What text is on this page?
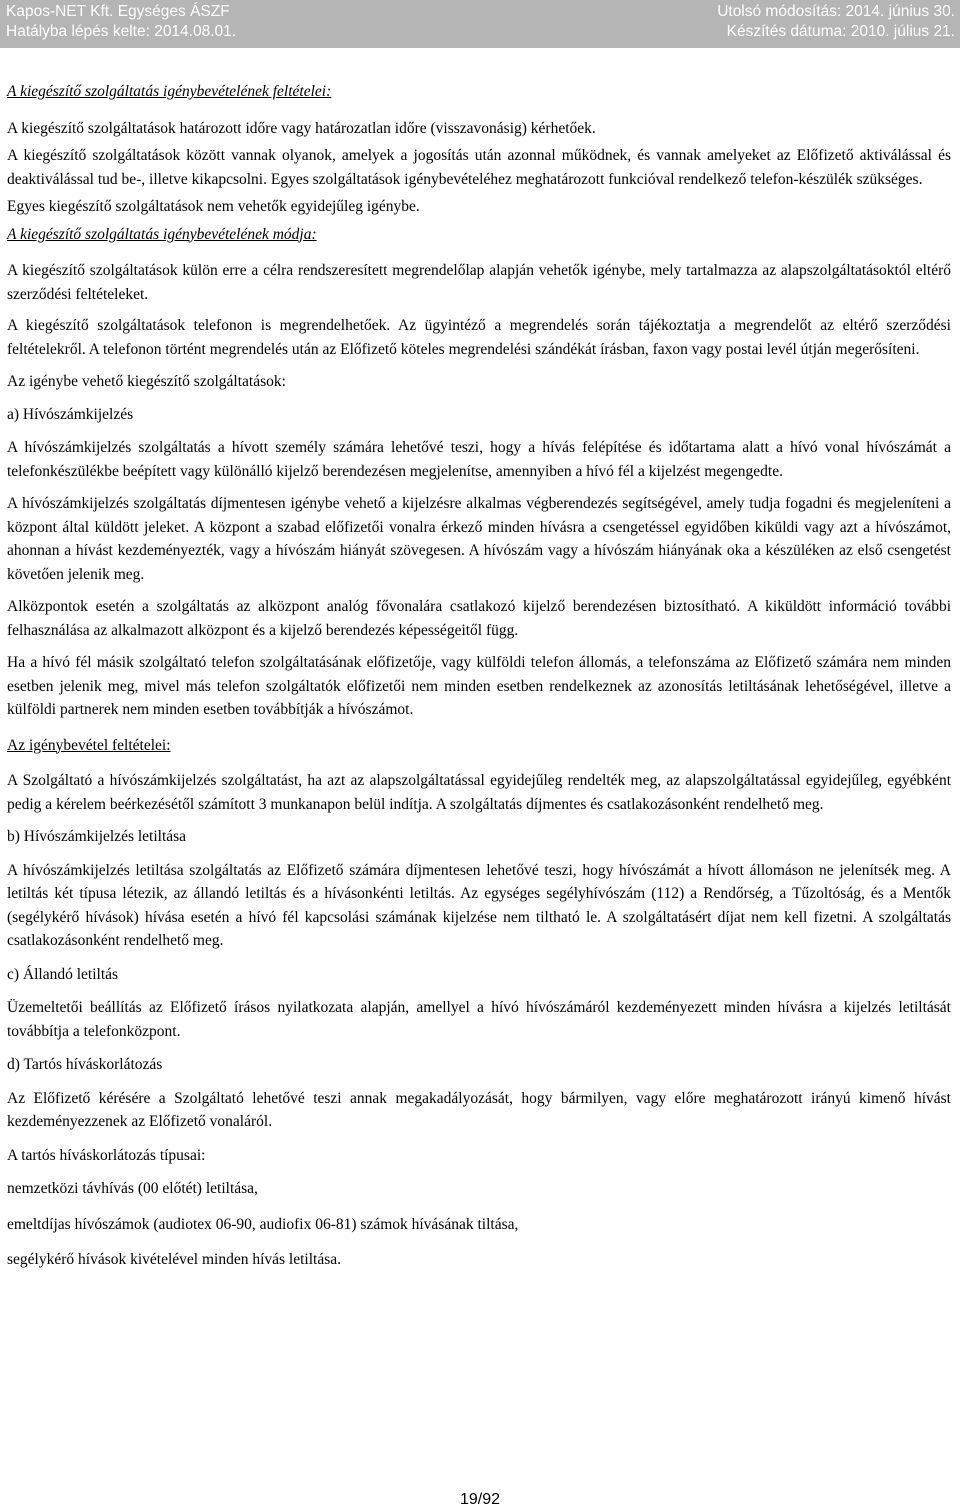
Kapos-NET Kft. Egységes ÁSZF
Hatályba lépés kelte: 2014.08.01.
Utolsó módosítás: 2014. június 30.
Készítés dátuma: 2010. július 21.

A kiegészítő szolgáltatás igénybevételének feltételei:

A kiegészítő szolgáltatások határozott időre vagy határozatlan időre (visszavonásig) kérhetőek.

A kiegészítő szolgáltatások között vannak olyanok, amelyek a jogosítás után azonnal működnek, és vannak amelyeket az Előfizető aktiválással és deaktiválással tud be-, illetve kikapcsolni. Egyes szolgáltatások igénybevételéhez meghatározott funkcióval rendelkező telefon-készülék szükséges.

Egyes kiegészítő szolgáltatások nem vehetők egyidejűleg igénybe.

A kiegészítő szolgáltatás igénybevételének módja:

A kiegészítő szolgáltatások külön erre a célra rendszeresített megrendelőlap alapján vehetők igénybe, mely tartalmazza az alapszolgáltatásoktól eltérő szerződési feltételeket.

A kiegészítő szolgáltatások telefonon is megrendelhetőek. Az ügyintéző a megrendelés során tájékoztatja a megrendelőt az eltérő szerződési feltételekről. A telefonon történt megrendelés után az Előfizető köteles megrendelési szándékát írásban, faxon vagy postai levél útján megerősíteni.

Az igénybe vehető kiegészítő szolgáltatások:

a) Hívószámkijelzés

A hívószámkijelzés szolgáltatás a hívott személy számára lehetővé teszi, hogy a hívás felépítése és időtartama alatt a hívó vonal hívószámát a telefonkészülékbe beépített vagy különálló kijelző berendezésen megjelenítse, amennyiben a hívó fél a kijelzést megengedte.

A hívószámkijelzés szolgáltatás díjmentesen igénybe vehető a kijelzésre alkalmas végberendezés segítségével, amely tudja fogadni és megjeleníteni a központ által küldött jeleket. A központ a szabad előfizetői vonalra érkező minden hívásra a csengetéssel egyidőben kiküldi vagy azt a hívószámot, ahonnan a hívást kezdeményezték, vagy a hívószám hiányát szövegesen. A hívószám vagy a hívószám hiányának oka a készüléken az első csengetést követően jelenik meg.

Alközpontok esetén a szolgáltatás az alközpont analóg fővonalára csatlakozó kijelző berendezésen biztosítható. A kiküldött információ további felhasználása az alkalmazott alközpont és a kijelző berendezés képességeitől függ.

Ha a hívó fél másik szolgáltató telefon szolgáltatásának előfizetője, vagy külföldi telefon állomás, a telefonszáma az Előfizető számára nem minden esetben jelenik meg, mivel más telefon szolgáltatók előfizetői nem minden esetben rendelkeznek az azonosítás letiltásának lehetőségével, illetve a külföldi partnerek nem minden esetben továbbítják a hívószámot.

Az igénybevétel feltételei:

A Szolgáltató a hívószámkijelzés szolgáltatást, ha azt az alapszolgáltatással egyidejűleg rendelték meg, az alapszolgáltatással egyidejűleg, egyébként pedig a kérelem beérkezésétől számított 3 munkanapon belül indítja. A szolgáltatás díjmentes és csatlakozásonként rendelhető meg.

b) Hívószámkijelzés letiltása

A hívószámkijelzés letiltása szolgáltatás az Előfizető számára díjmentesen lehetővé teszi, hogy hívószámát a hívott állomáson ne jelenítsék meg. A letiltás két típusa létezik, az állandó letiltás és a hívásonkénti letiltás. Az egységes segélyhívószám (112) a Rendőrség, a Tűzoltóság, és a Mentők (segélykérő hívások) hívása esetén a hívó fél kapcsolási számának kijelzése nem tiltható le. A szolgáltatásért díjat nem kell fizetni. A szolgáltatás csatlakozásonként rendelhető meg.

c) Állandó letiltás

Üzemeltetői beállítás az Előfizető írásos nyilatkozata alapján, amellyel a hívó hívószámáról kezdeményezett minden hívásra a kijelzés letiltását továbbítja a telefonközpont.

d) Tartós híváskorlátozás

Az Előfizető kérésére a Szolgáltató lehetővé teszi annak megakadályozását, hogy bármilyen, vagy előre meghatározott irányú kimenő hívást kezdeményezzenek az Előfizető vonaláról.

A tartós híváskorlátozás típusai:

nemzetközi távhívás (00 előtét) letiltása,

emeltdíjas hívószámok (audiotex 06-90, audiofix 06-81) számok hívásának tiltása,

segélykérő hívások kivételével minden hívás letiltása.

19/92
